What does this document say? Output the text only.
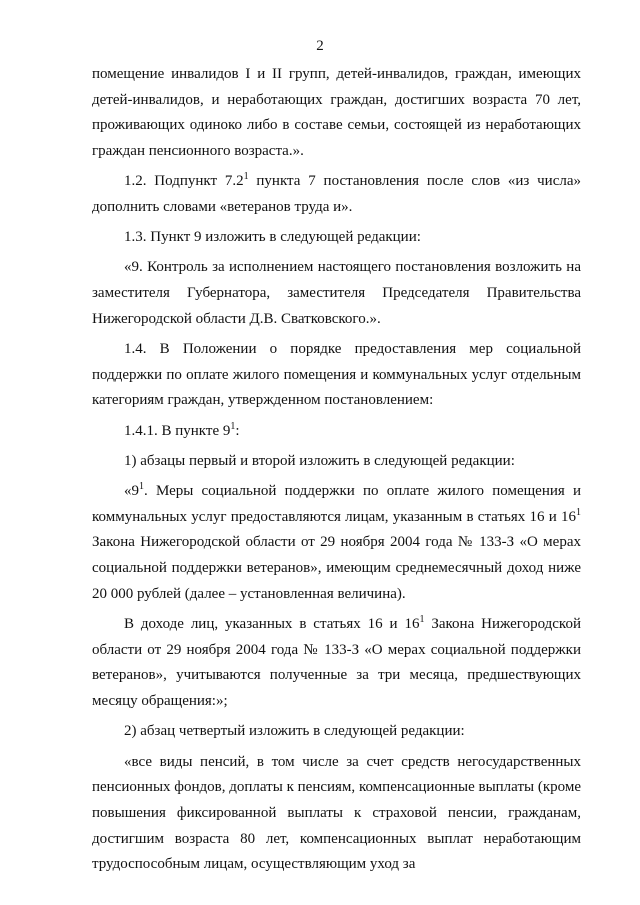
2

помещение инвалидов I и II групп, детей-инвалидов, граждан, имеющих детей-инвалидов, и неработающих граждан, достигших возраста 70 лет, проживающих одиноко либо в составе семьи, состоящей из неработающих граждан пенсионного возраста.».

1.2. Подпункт $7.2^1$ пункта 7 постановления после слов «из числа» дополнить словами «ветеранов труда и».

1.3. Пункт 9 изложить в следующей редакции:

«9. Контроль за исполнением настоящего постановления возложить на заместителя Губернатора, заместителя Председателя Правительства Нижегородской области Д.В. Сватковского.».

1.4. В Положении о порядке предоставления мер социальной поддержки по оплате жилого помещения и коммунальных услуг отдельным категориям граждан, утвержденном постановлением:

1.4.1. В пункте $9^1$:

1) абзацы первый и второй изложить в следующей редакции:

«$9^1$. Меры социальной поддержки по оплате жилого помещения и коммунальных услуг предоставляются лицам, указанным в статьях 16 и $16^1$ Закона Нижегородской области от 29 ноября 2004 года № 133-З «О мерах социальной поддержки ветеранов», имеющим среднемесячный доход ниже 20 000 рублей (далее – установленная величина).

В доходе лиц, указанных в статьях 16 и $16^1$ Закона Нижегородской области от 29 ноября 2004 года № 133-З «О мерах социальной поддержки ветеранов», учитываются полученные за три месяца, предшествующих месяцу обращения:»;

2) абзац четвертый изложить в следующей редакции:

«все виды пенсий, в том числе за счет средств негосударственных пенсионных фондов, доплаты к пенсиям, компенсационные выплаты (кроме повышения фиксированной выплаты к страховой пенсии, гражданам, достигшим возраста 80 лет, компенсационных выплат неработающим трудоспособным лицам, осуществляющим уход за
